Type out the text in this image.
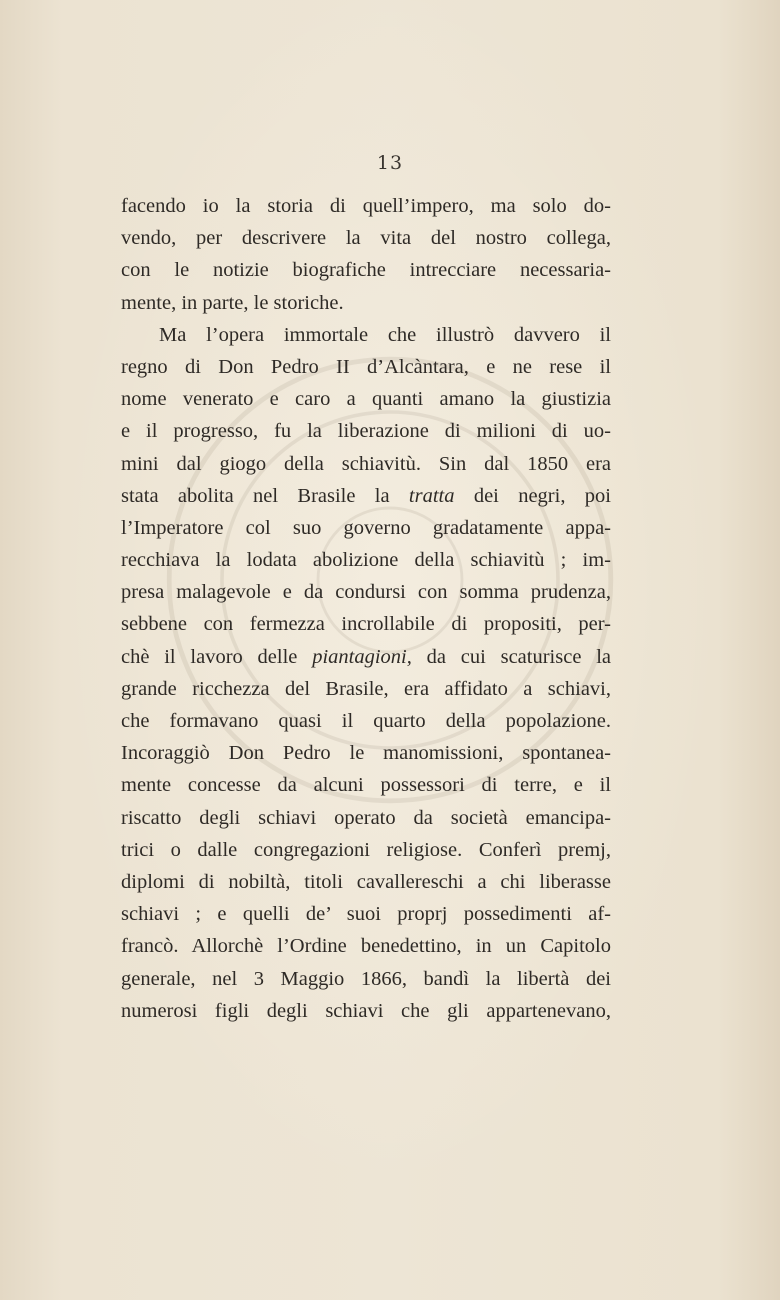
13
facendo io la storia di quell’impero, ma solo do-
vendo, per descrivere la vita del nostro collega,
con le notizie biografiche intrecciare necessaria-
mente, in parte, le storiche.
Ma l’opera immortale che illustrò davvero il
regno di Don Pedro II d’Alcàntara, e ne rese il
nome venerato e caro a quanti amano la giustizia
e il progresso, fu la liberazione di milioni di uo-
mini dal giogo della schiavitù. Sin dal 1850 era
stata abolita nel Brasile la tratta dei negri, poi
l’Imperatore col suo governo gradatamente appa-
recchiava la lodata abolizione della schiavitù ; im-
presa malagevole e da condursi con somma prudenza,
sebbene con fermezza incrollabile di propositi, per-
chè il lavoro delle piantagioni, da cui scaturisce la
grande ricchezza del Brasile, era affidato a schiavi,
che formavano quasi il quarto della popolazione.
Incoraggiò Don Pedro le manomissioni, spontanea-
mente concesse da alcuni possessori di terre, e il
riscatto degli schiavi operato da società emancipa-
trici o dalle congregazioni religiose. Conferì premj,
diplomi di nobiltà, titoli cavallereschi a chi liberasse
schiavi ; e quelli de’ suoi proprj possedimenti af-
francò. Allorchè l’Ordine benedettino, in un Capitolo
generale, nel 3 Maggio 1866, bandì la libertà dei
numerosi figli degli schiavi che gli appartenevano,
